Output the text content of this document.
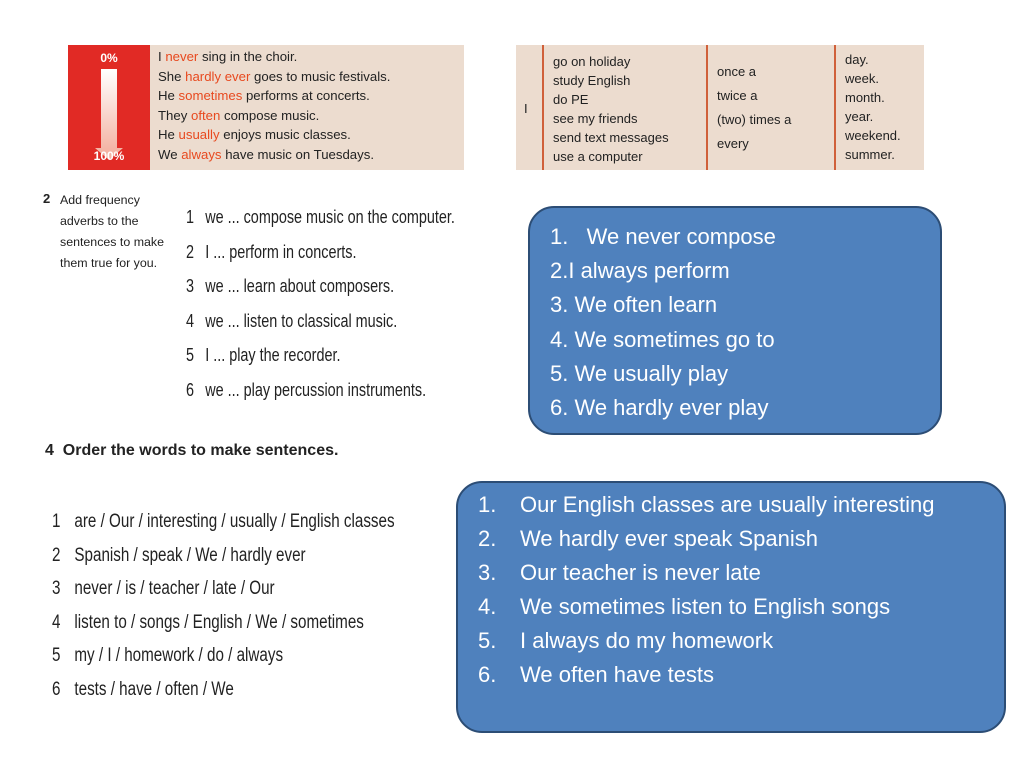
0%
100%
I never sing in the choir.
She hardly ever goes to music festivals.
He sometimes performs at concerts.
They often compose music.
He usually enjoys music classes.
We always have music on Tuesdays.
I
go on holiday
study English
do PE
see my friends
send text messages
use a computer
once a
twice a
(two) times a
every
day.
week.
month.
year.
weekend.
summer.
2 Add frequency adverbs to the sentences to make them true for you.
1 we ... compose music on the computer.
2 I ... perform in concerts.
3 we ... learn about composers.
4 we ... listen to classical music.
5 I ... play the recorder.
6 we ... play percussion instruments.
4 Order the words to make sentences.
1 are / Our / interesting / usually / English classes
2 Spanish / speak / We / hardly ever
3 never / is / teacher / late / Our
4 listen to / songs / English / We / sometimes
5 my / I / homework / do / always
6 tests / have / often / We
1.   We never compose
2.I always perform
3. We often learn
4. We sometimes go to
5. We usually play
6. We hardly ever play
1. Our English classes are usually interesting
2. We hardly ever speak Spanish
3. Our teacher is never late
4. We sometimes listen to English songs
5. I always do my homework
6. We often have tests
